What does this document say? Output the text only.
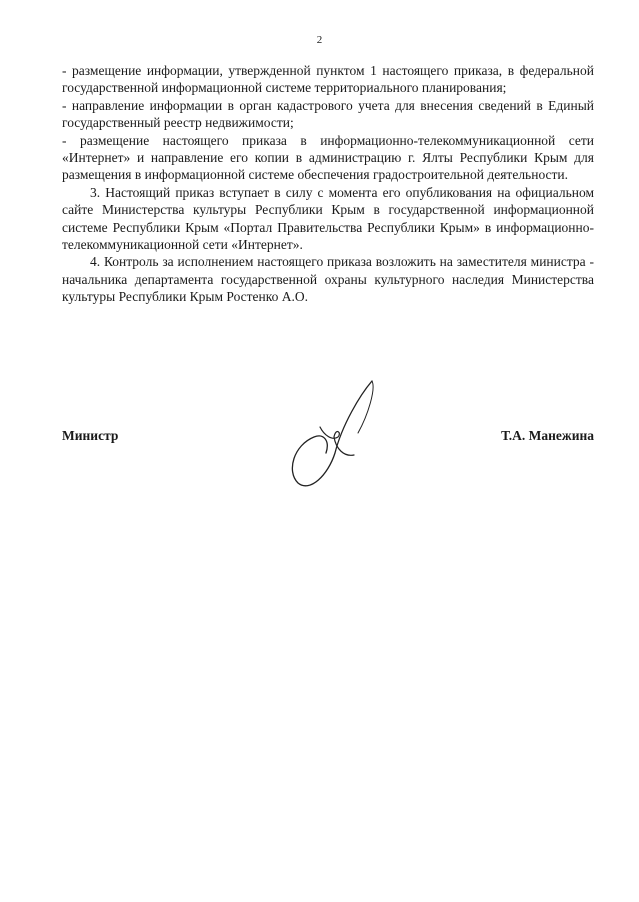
2

- размещение информации, утвержденной пунктом 1 настоящего приказа, в федеральной государственной информационной системе территориального планирования;

- направление информации в орган кадастрового учета для внесения сведений в Единый государственный реестр недвижимости;

- размещение настоящего приказа в информационно-телекоммуникационной сети «Интернет» и направление его копии в администрацию г. Ялты Республики Крым для размещения в информационной системе обеспечения градостроительной деятельности.

3. Настоящий приказ вступает в силу с момента его опубликования на официальном сайте Министерства культуры Республики Крым в государственной информационной системе Республики Крым «Портал Правительства Республики Крым» в информационно-телекоммуникационной сети «Интернет».

4. Контроль за исполнением настоящего приказа возложить на заместителя министра - начальника департамента государственной охраны культурного наследия Министерства культуры Республики Крым Ростенко А.О.

Министр	Т.А. Манежина
